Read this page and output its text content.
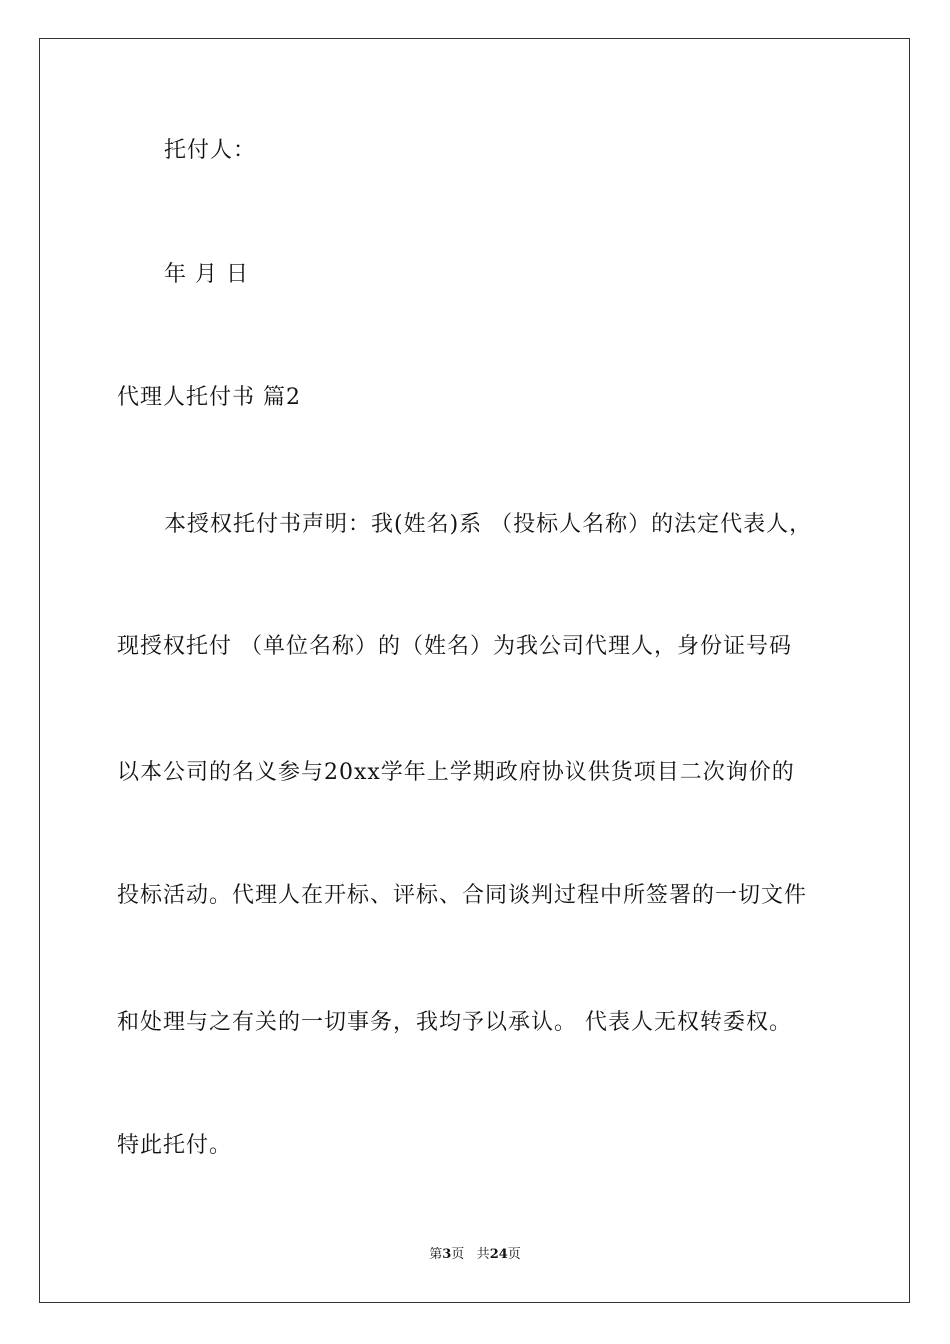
托付人：
年 月 日
代理人托付书 篇2
本授权托付书声明：我(姓名)系 （投标人名称）的法定代表人，
现授权托付 （单位名称）的（姓名）为我公司代理人，身份证号码
以本公司的名义参与20xx学年上学期政府协议供货项目二次询价的
投标活动。代理人在开标、评标、合同谈判过程中所签署的一切文件
和处理与之有关的一切事务，我均予以承认。 代表人无权转委权。
特此托付。
第3页 共24页
